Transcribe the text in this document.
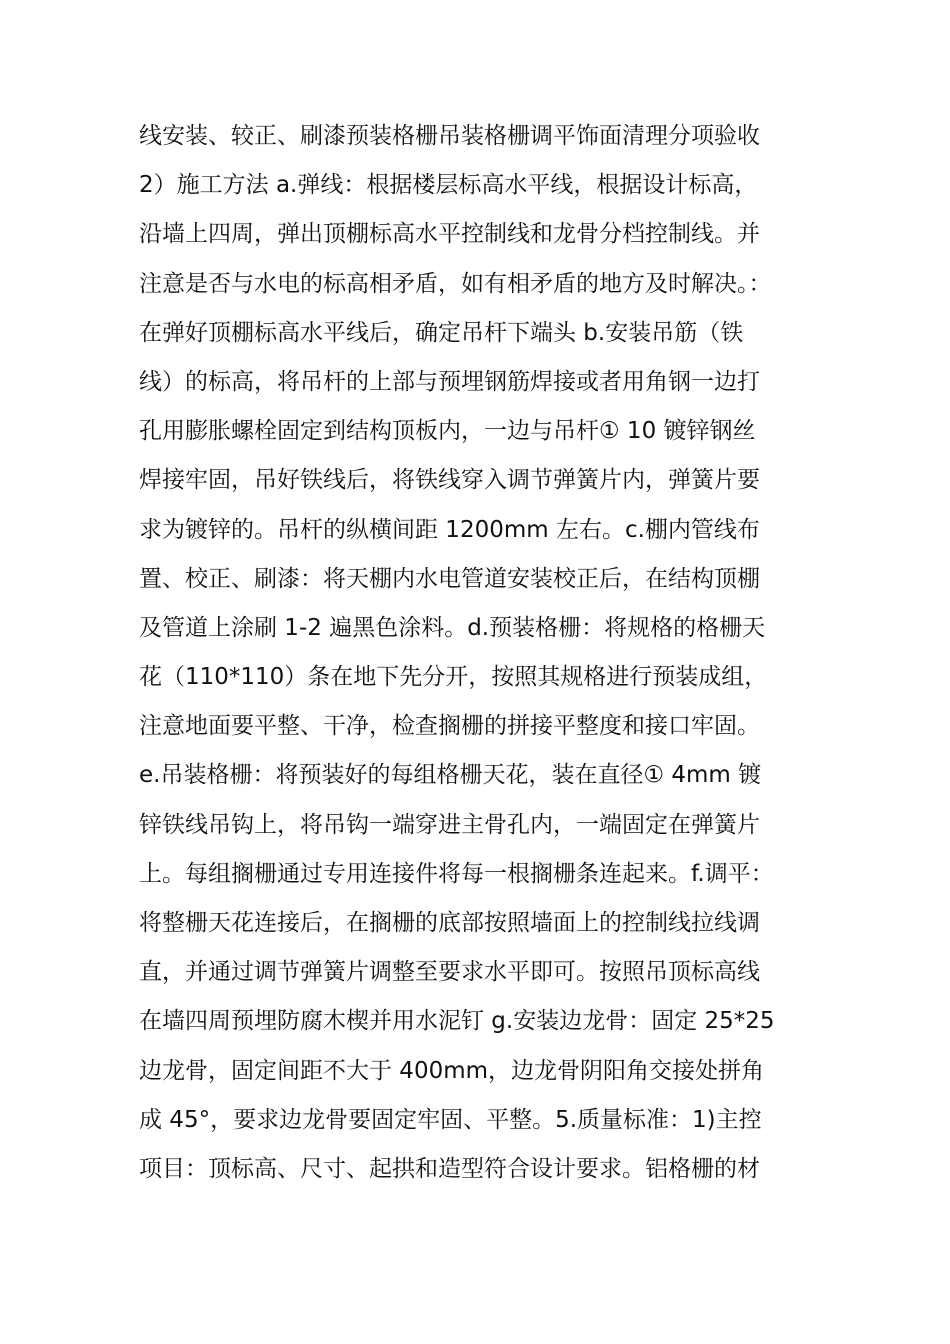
线安装、较正、刷漆预装格栅吊装格栅调平饰面清理分项验收
2）施工方法 a.弹线：根据楼层标高水平线，根据设计标高，
沿墙上四周，弹出顶棚标高水平控制线和龙骨分档控制线。并
注意是否与水电的标高相矛盾，如有相矛盾的地方及时解决。：
在弹好顶棚标高水平线后，确定吊杆下端头 b.安装吊筋（铁
线）的标高，将吊杆的上部与预埋钢筋焊接或者用角钢一边打
孔用膨胀螺栓固定到结构顶板内，一边与吊杆① 10 镀锌钢丝
焊接牢固，吊好铁线后，将铁线穿入调节弹簧片内，弹簧片要
求为镀锌的。吊杆的纵横间距 1200mm 左右。c.棚内管线布
置、校正、刷漆：将天棚内水电管道安装校正后，在结构顶棚
及管道上涂刷 1-2 遍黑色涂料。d.预装格栅：将规格的格栅天
花（110*110）条在地下先分开，按照其规格进行预装成组，
注意地面要平整、干净，检查搁栅的拼接平整度和接口牢固。
e.吊装格栅：将预装好的每组格栅天花，装在直径① 4mm 镀
锌铁线吊钩上，将吊钩一端穿进主骨孔内，一端固定在弹簧片
上。每组搁栅通过专用连接件将每一根搁栅条连起来。f.调平：
将整栅天花连接后，在搁栅的底部按照墙面上的控制线拉线调
直，并通过调节弹簧片调整至要求水平即可。按照吊顶标高线
在墙四周预埋防腐木楔并用水泥钉 g.安装边龙骨：固定 25*25
边龙骨，固定间距不大于 400mm，边龙骨阴阳角交接处拼角
成 45°，要求边龙骨要固定牢固、平整。5.质量标准：1)主控
项目：顶标高、尺寸、起拱和造型符合设计要求。铝格栅的材
